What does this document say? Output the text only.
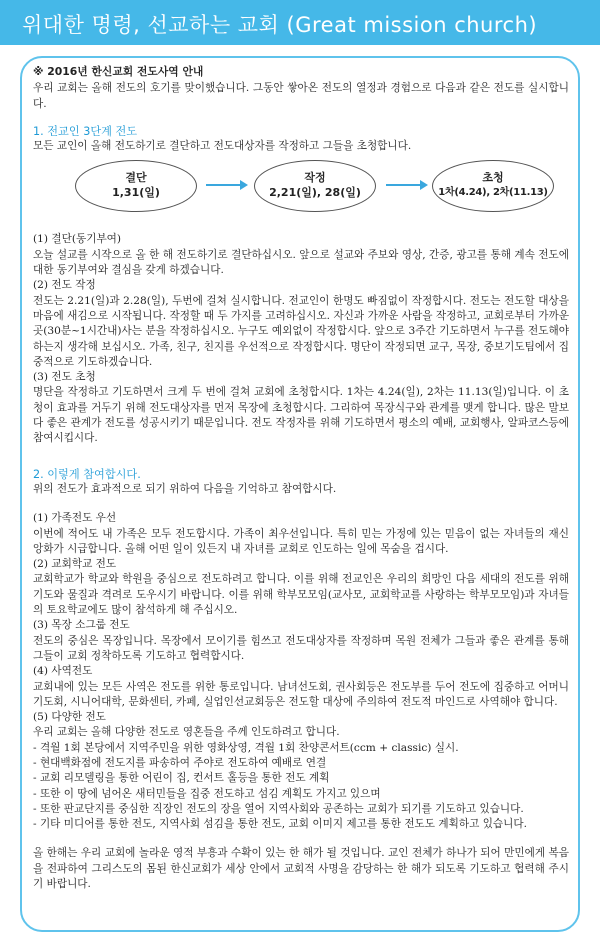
위대한 명령, 선교하는 교회 (Great mission church)

※ 2016년 한신교회 전도사역 안내

우리 교회는 올해 전도의 호기를 맞이했습니다. 그동안 쌓아온 전도의 열정과 경험으로 다음과 같은 전도를 실시합니다.

1. 전교인 3단계 전도

모든 교인이 올해 전도하기로 결단하고 전도대상자를 작정하고 그들을 초청합니다.

결단
1,31(일)
작정
2,21(일), 28(일)
초청
1차(4.24), 2차(11.13)

(1) 결단(동기부여)

오늘 설교를 시작으로 올 한 해 전도하기로 결단하십시오. 앞으로 설교와 주보와 영상, 간증, 광고를 통해 계속 전도에 대한 동기부여와 결심을 갖게 하겠습니다.

(2) 전도 작정

전도는 2.21(일)과 2.28(일), 두번에 걸쳐 실시합니다. 전교인이 한명도 빠짐없이 작정합시다. 전도는 전도할 대상을 마음에 새김으로 시작됩니다. 작정할 때 두 가지를 고려하십시오. 자신과 가까운 사람을 작정하고, 교회로부터 가까운 곳(30분~1시간내)사는 분을 작정하십시오. 누구도 예외없이 작정합시다. 앞으로 3주간 기도하면서 누구를 전도해야 하는지 생각해 보십시오. 가족, 친구, 친지를 우선적으로 작정합시다. 명단이 작정되면 교구, 목장, 중보기도팀에서 집중적으로 기도하겠습니다.

(3) 전도 초청

명단을 작정하고 기도하면서 크게 두 번에 걸쳐 교회에 초청합시다. 1차는 4.24(일), 2차는 11.13(일)입니다. 이 초청이 효과를 거두기 위해 전도대상자를 먼저 목장에 초청합시다. 그리하여 목장식구와 관계를 맺게 합니다. 많은 말보다 좋은 관계가 전도를 성공시키기 때문입니다. 전도 작정자를 위해 기도하면서 평소의 예배, 교회행사, 알파코스등에 참여시킵시다.

2. 이렇게 참여합시다.

위의 전도가 효과적으로 되기 위하여 다음을 기억하고 참여합시다.

(1) 가족전도 우선

이번에 적어도 내 가족은 모두 전도합시다. 가족이 최우선입니다. 특히 믿는 가정에 있는 믿음이 없는 자녀들의 재신앙화가 시급합니다. 올해 어떤 일이 있든지 내 자녀를 교회로 인도하는 일에 목숨을 겁시다.

(2) 교회학교 전도

교회학교가 학교와 학원을 중심으로 전도하려고 합니다. 이를 위해 전교인은 우리의 희망인 다음 세대의 전도를 위해 기도와 물질과 격려로 도우시기 바랍니다. 이를 위해 학부모모임(교사모, 교회학교를 사랑하는 학부모모임)과 자녀들의 토요학교에도 많이 참석하게 해 주십시오.

(3) 목장 소그룹 전도

전도의 중심은 목장입니다. 목장에서 모이기를 힘쓰고 전도대상자를 작정하며 목원 전체가 그들과 좋은 관계를 통해 그들이 교회 정착하도록 기도하고 협력합시다.

(4) 사역전도

교회내에 있는 모든 사역은 전도를 위한 통로입니다. 남녀선도회, 권사회등은 전도부를 두어 전도에 집중하고 어머니 기도회, 시니어대학, 문화센터, 카페, 실업인선교회등은 전도할 대상에 주의하여 전도적 마인드로 사역해야 합니다.

(5) 다양한 전도

우리 교회는 올해 다양한 전도로 영혼들을 주께 인도하려고 합니다.

- 격월 1회 본당에서 지역주민을 위한 영화상영, 격월 1회 찬양콘서트(ccm + classic) 실시.

- 현대백화점에 전도지를 파송하여 주야로 전도하여 예배로 연결

- 교회 리모델링을 통한 어린이 집, 컨서트 홀등을 통한 전도 계획

- 또한 이 땅에 넘어온 새터민들을 집중 전도하고 섬김 계획도 가지고 있으며

- 또한 판교단지를 중심한 직장인 전도의 장을 열어 지역사회와 공존하는 교회가 되기를 기도하고 있습니다.

- 기타 미디어를 통한 전도, 지역사회 섬김을 통한 전도, 교회 이미지 제고를 통한 전도도 계획하고 있습니다.

올 한해는 우리 교회에 놀라운 영적 부흥과 수확이 있는 한 해가 될 것입니다. 교인 전체가 하나가 되어 만민에게 복음을 전파하여 그리스도의 몸된 한신교회가 세상 안에서 교회적 사명을 감당하는 한 해가 되도록 기도하고 협력해 주시기 바랍니다.
